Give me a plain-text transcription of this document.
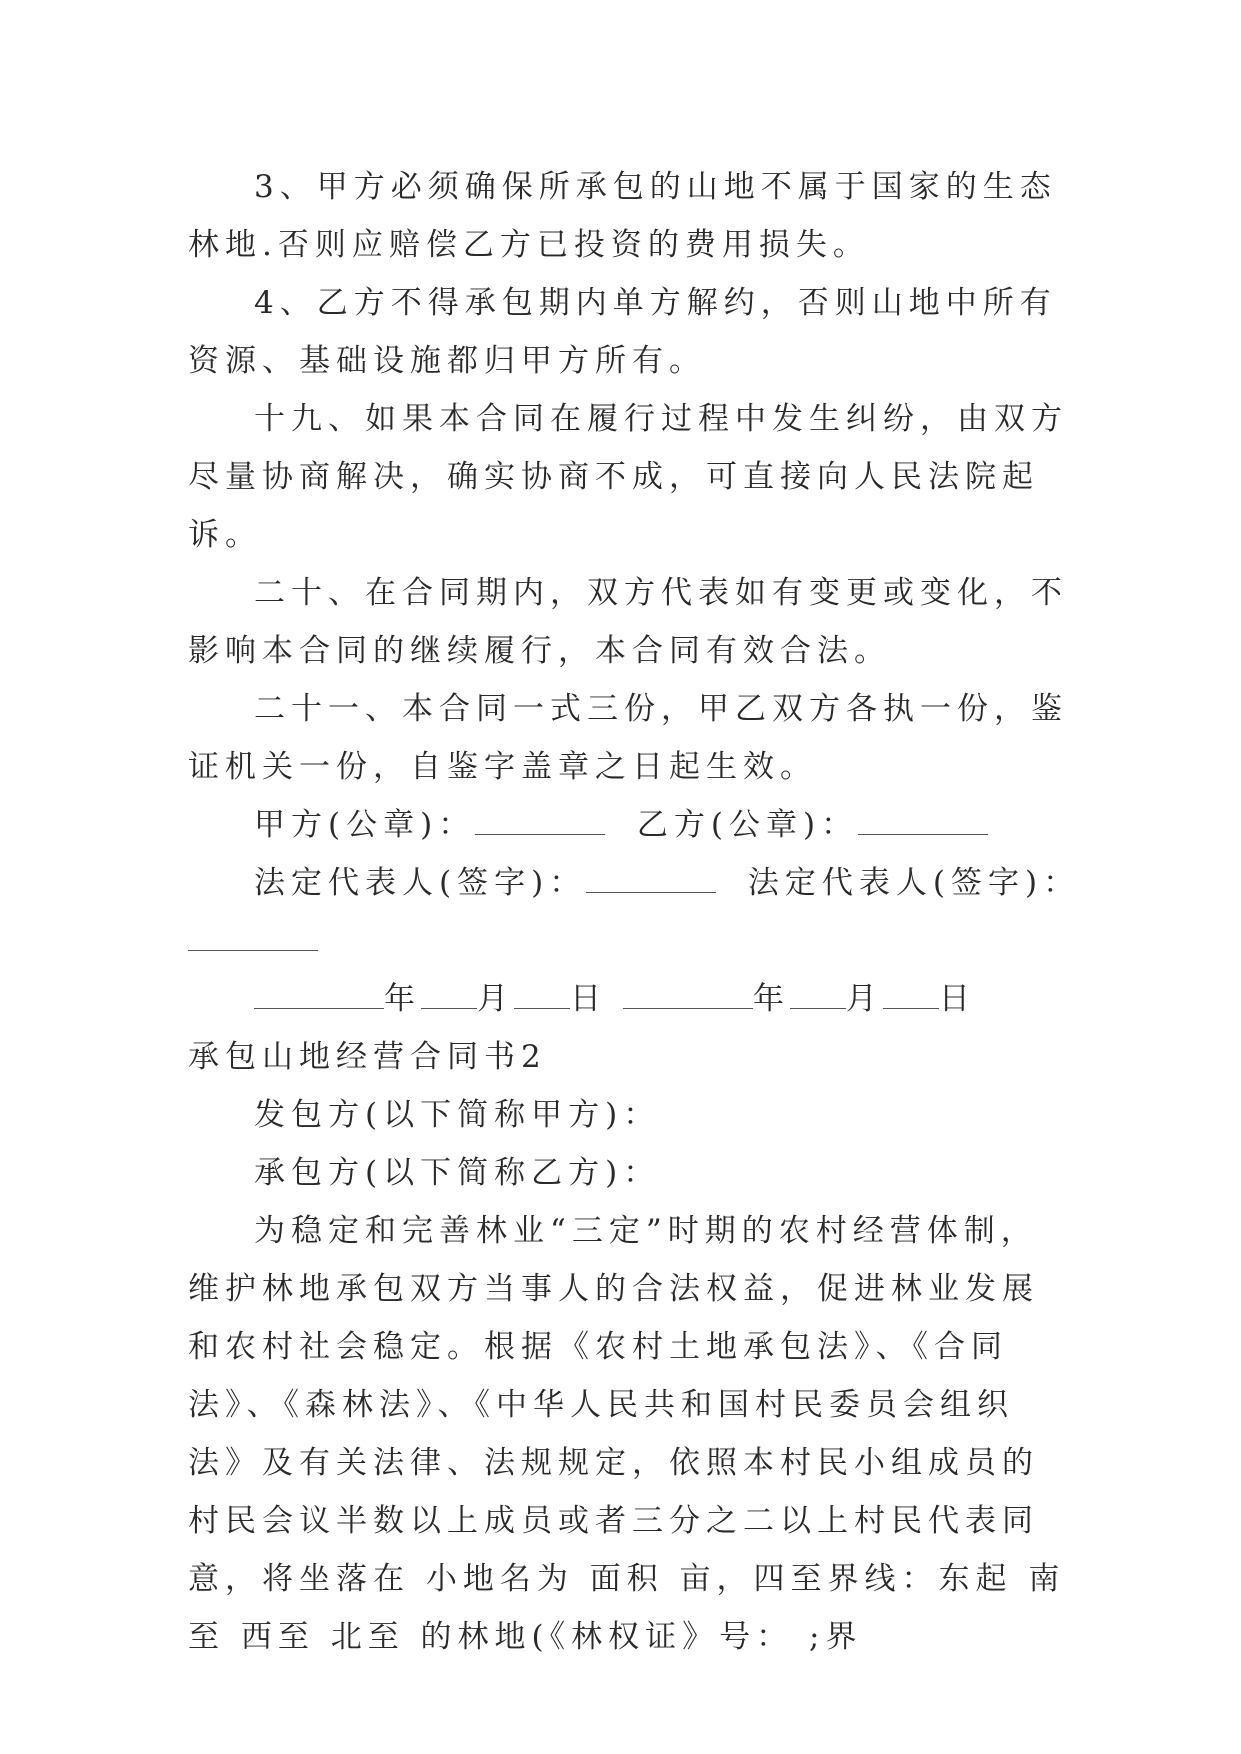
3、甲方必须确保所承包的山地不属于国家的生态林地.否则应赔偿乙方已投资的费用损失。

4、乙方不得承包期内单方解约，否则山地中所有资源、基础设施都归甲方所有。

十九、如果本合同在履行过程中发生纠纷，由双方尽量协商解决，确实协商不成，可直接向人民法院起诉。

二十、在合同期内，双方代表如有变更或变化，不影响本合同的继续履行，本合同有效合法。

二十一、本合同一式三份，甲乙双方各执一份，鉴证机关一份，自鉴字盖章之日起生效。

甲方(公章)：	乙方(公章)：

法定代表人(签字)：	法定代表人(签字)：

年 月 日	年 月 日

承包山地经营合同书2

发包方(以下简称甲方)：

承包方(以下简称乙方)：

为稳定和完善林业“三定”时期的农村经营体制，维护林地承包双方当事人的合法权益，促进林业发展和农村社会稳定。根据《农村土地承包法》、《合同法》、《森林法》、《中华人民共和国村民委员会组织法》及有关法律、法规规定，依照本村民小组成员的村民会议半数以上成员或者三分之二以上村民代表同意，将坐落在 小地名为 面积 亩，四至界线：东起 南至 西至 北至 的林地(《林权证》号： ;界
